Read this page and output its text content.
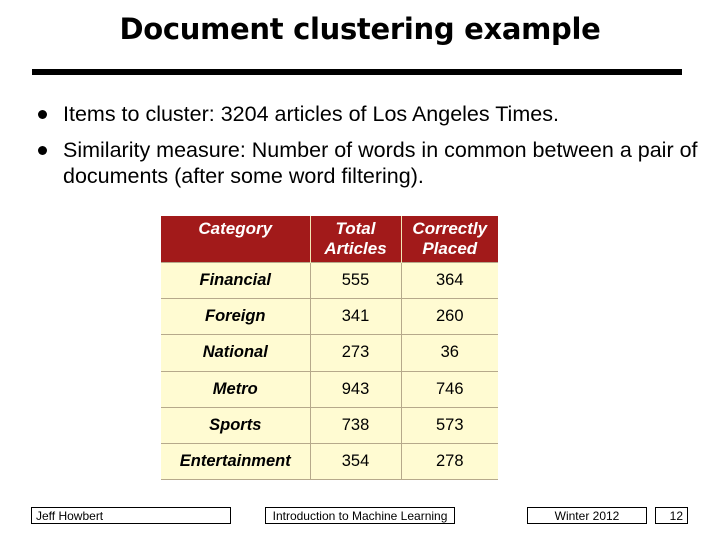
Document clustering example
Items to cluster: 3204 articles of Los Angeles Times.
Similarity measure: Number of words in common between a pair of documents (after some word filtering).
Category	Total Articles	Correctly Placed
Financial	555	364
Foreign	341	260
National	273	36
Metro	943	746
Sports	738	573
Entertainment	354	278
Jeff Howbert	Introduction to Machine Learning	Winter 2012	12
